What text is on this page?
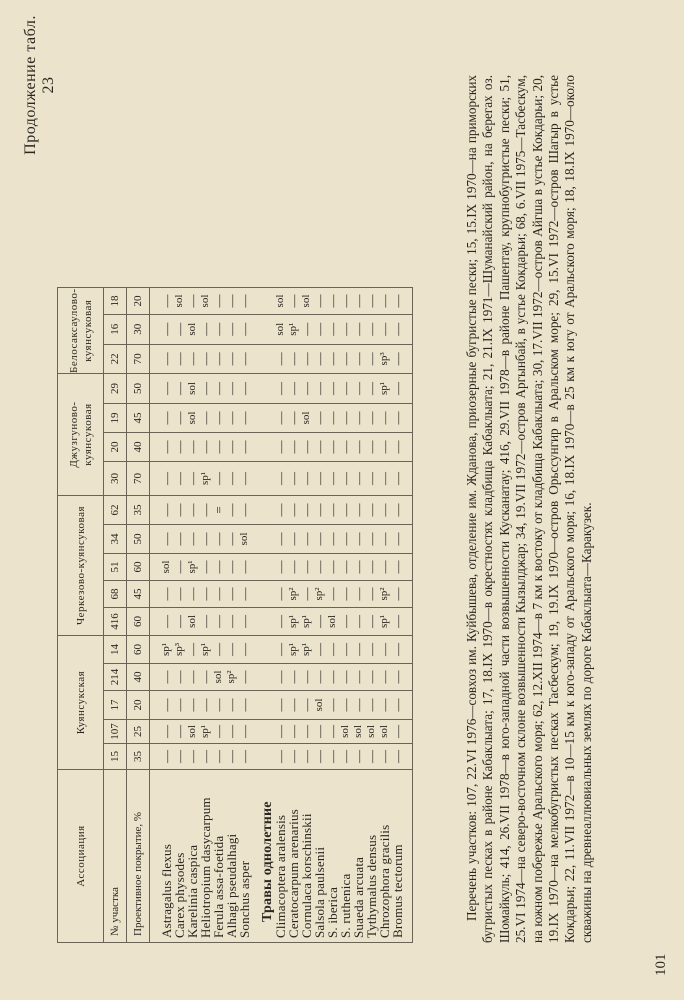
Продолжение табл. 23
Ассоциация	Куянсукская					Черкезово-куянсуковая					Джузгуново-куянсуковая				Белосаксаулово-куянсуковая		
№ участка	15	107	17	214	14	416	68	51	34	62	30	20	19	29	22	16	18
Проективное покрытие, %	35	25	20	40	60	60	45	60	50	35	70	40	45	50	70	30	20
Astragalus flexus	—	—	—	—	sp¹	—	—	sol	—	—	—	—	—	—	—	—	—
Carex physodes	—	—	—	—	sp³	—	—	—	—	—	—	—	—	—	—	—	sol
Karelinia caspica	—	sol	—	—	—	sol	—	sp¹	—	—	—	—	sol	sol	—	sol	—
Heliotropium dasycarpum	—	sp¹	—	—	sp¹	—	—	—	—	—	sp¹	—	—	—	—	—	sol
Ferula assa-foetida	—	—	—	sol	—	—	—	—	—	=	—	—	—	—	—	—	—
Alhagi pseudalhagi	—	—	—	sp²	—	—	—	—	—	—	—	—	—	—	—	—	—
Sonchus asper	—	—	—	—	—	—	—	—	sol	—	—	—	—	—	—	—	—

Травы однолетние																	
Climacoptera aralensis	—	—	—	—	—	—	—	—	—	—	—	—	—	—	—	sol	sol
Ceratocarpum arenarius	—	—	—	—	sp¹	sp¹	sp²	—	—	—	—	—	—	—	—	sp¹	—
Cornulaca korschinskii	—	—	—	—	sp¹	sp¹	—	—	—	—	—	—	sol	—	—	—	sol
Salsola paulsenii	—	—	sol	—	—	—	sp²	—	—	—	—	—	—	—	—	—	—
S. iberica	—	—	—	—	—	sol	—	—	—	—	—	—	—	—	—	—	—
S. ruthenica	—	sol	—	—	—	—	—	—	—	—	—	—	—	—	—	—	—
Suaeda arcuata	—	sol	—	—	—	—	—	—	—	—	—	—	—	—	—	—	—
Tythymalus densus	—	sol	—	—	—	—	—	—	—	—	—	—	—	—	—	—	—
Chrozophora gracilis	—	sol	—	—	—	sp¹	sp²	—	—	—	—	—	—	sp¹	sp³	—	—
Bromus tectorum	—	—	—	—	—	—	—	—	—	—	—	—	—	—	—	—	—	Перечень участков: 107, 22.VI 1976—совхоз им. Куйбышева, отделение им. Жданова, приозерные бугристые пески; 15, 15.IX 1970—на приморских бугристых песках в районе Кабаклыата; 17, 18.IX 1970—в окрестностях кладбища Кабаклыата; 21, 21.IX 1971—Шуманайский район, на берегах оз. Шомайкуль; 414, 26.VII 1978—в юго-западной части возвышенности Кусканатау; 416, 29.VII 1978—в районе Пашентау, крупнобугристые пески; 51, 25.VI 1974—на северо-восточном склоне возвышенности Кызылджар; 34, 19.VII 1972—остров Аргынбай, в устье Кокдарьи; 68, 6.VII 1975—Тасбескум, на южном побережье Аральского моря; 62, 12.XII 1974—в 7 км к востоку от кладбища Кабаклыата; 30, 17.VII 1972—остров Айгша в устье Кокдарьи; 20, 19.IX 1970—на мелкобугристых песках Тасбескум; 19, 19.IX 1970—остров Орьссунгир в Аральском море; 29, 15.VI 1972—остров Шагыр в устье Кокдарьи; 22, 11.VII 1972—в 10—15 км к юго-западу от Аральского моря; 16, 18.IX 1970—в 25 км к югу от Аральского моря; 18, 18.IX 1970—около скважины на древнеаллювиальных землях по дороге Кабаклыата—Каракузек.
101
